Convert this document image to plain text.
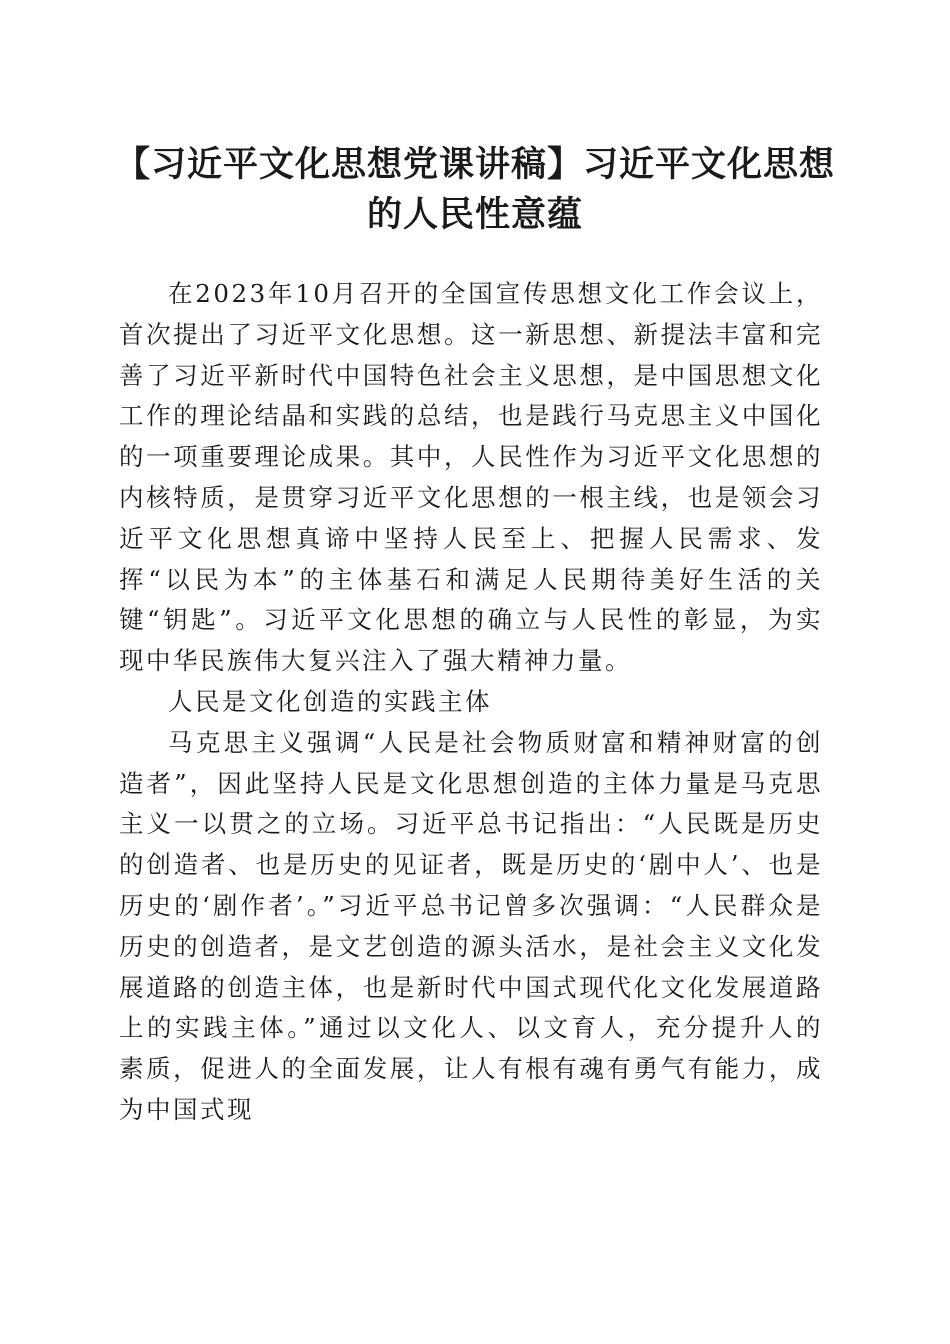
【习近平文化思想党课讲稿】习近平文化思想
的人民性意蕴

在2023年10月召开的全国宣传思想文化工作会议上，首次提出了习近平文化思想。这一新思想、新提法丰富和完善了习近平新时代中国特色社会主义思想，是中国思想文化工作的理论结晶和实践的总结，也是践行马克思主义中国化的一项重要理论成果。其中，人民性作为习近平文化思想的内核特质，是贯穿习近平文化思想的一根主线，也是领会习近平文化思想真谛中坚持人民至上、把握人民需求、发挥“以民为本”的主体基石和满足人民期待美好生活的关键“钥匙”。习近平文化思想的确立与人民性的彰显，为实现中华民族伟大复兴注入了强大精神力量。

人民是文化创造的实践主体

马克思主义强调“人民是社会物质财富和精神财富的创造者”，因此坚持人民是文化思想创造的主体力量是马克思主义一以贯之的立场。习近平总书记指出：“人民既是历史的创造者、也是历史的见证者，既是历史的‘剧中人’、也是历史的‘剧作者’。”习近平总书记曾多次强调：“人民群众是历史的创造者，是文艺创造的源头活水，是社会主义文化发展道路的创造主体，也是新时代中国式现代化文化发展道路上的实践主体。”通过以文化人、以文育人，充分提升人的素质，促进人的全面发展，让人有根有魂有勇气有能力，成为中国式现
